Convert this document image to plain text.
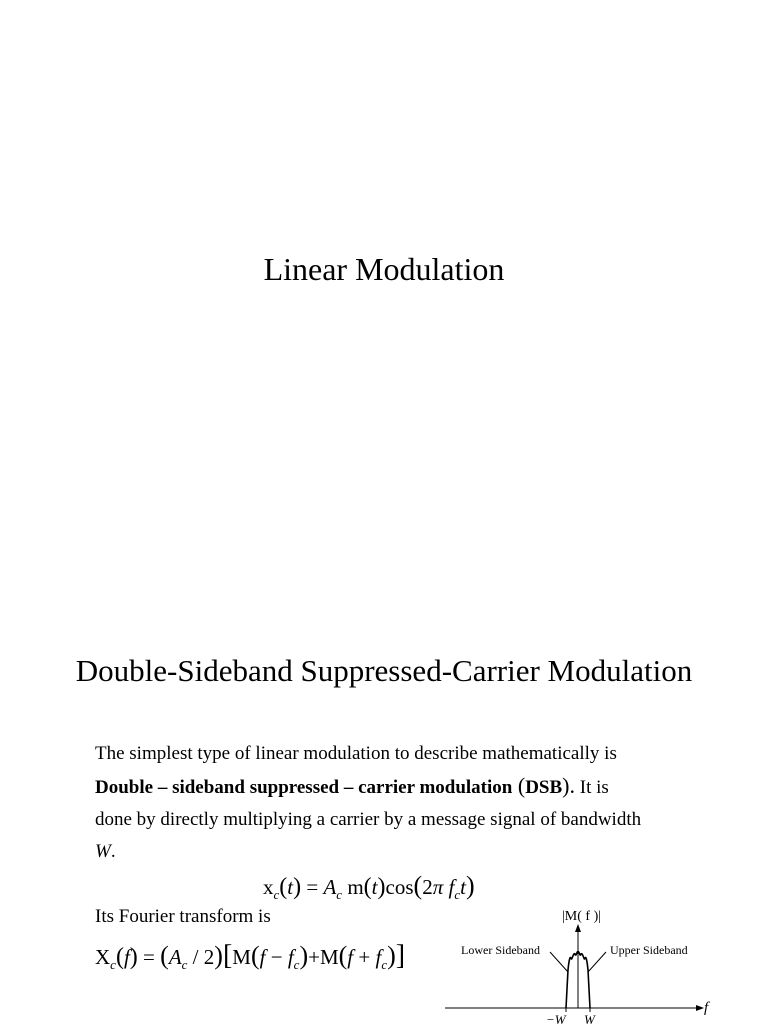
Linear Modulation
Double-Sideband Suppressed-Carrier Modulation
The simplest type of linear modulation to describe mathematically is
Double – sideband suppressed – carrier modulation (DSB). It is
done by directly multiplying a carrier by a message signal of bandwidth
W.
$x_c(t) = A_c$ m(t)cos(2π $f_ct$)
Its Fourier transform is
$X_c(f) = (A_c / 2)[M(f - f_c)+M(f + f_c)]$
|M( f )|
Lower Sideband	Upper Sideband
f
−W W
